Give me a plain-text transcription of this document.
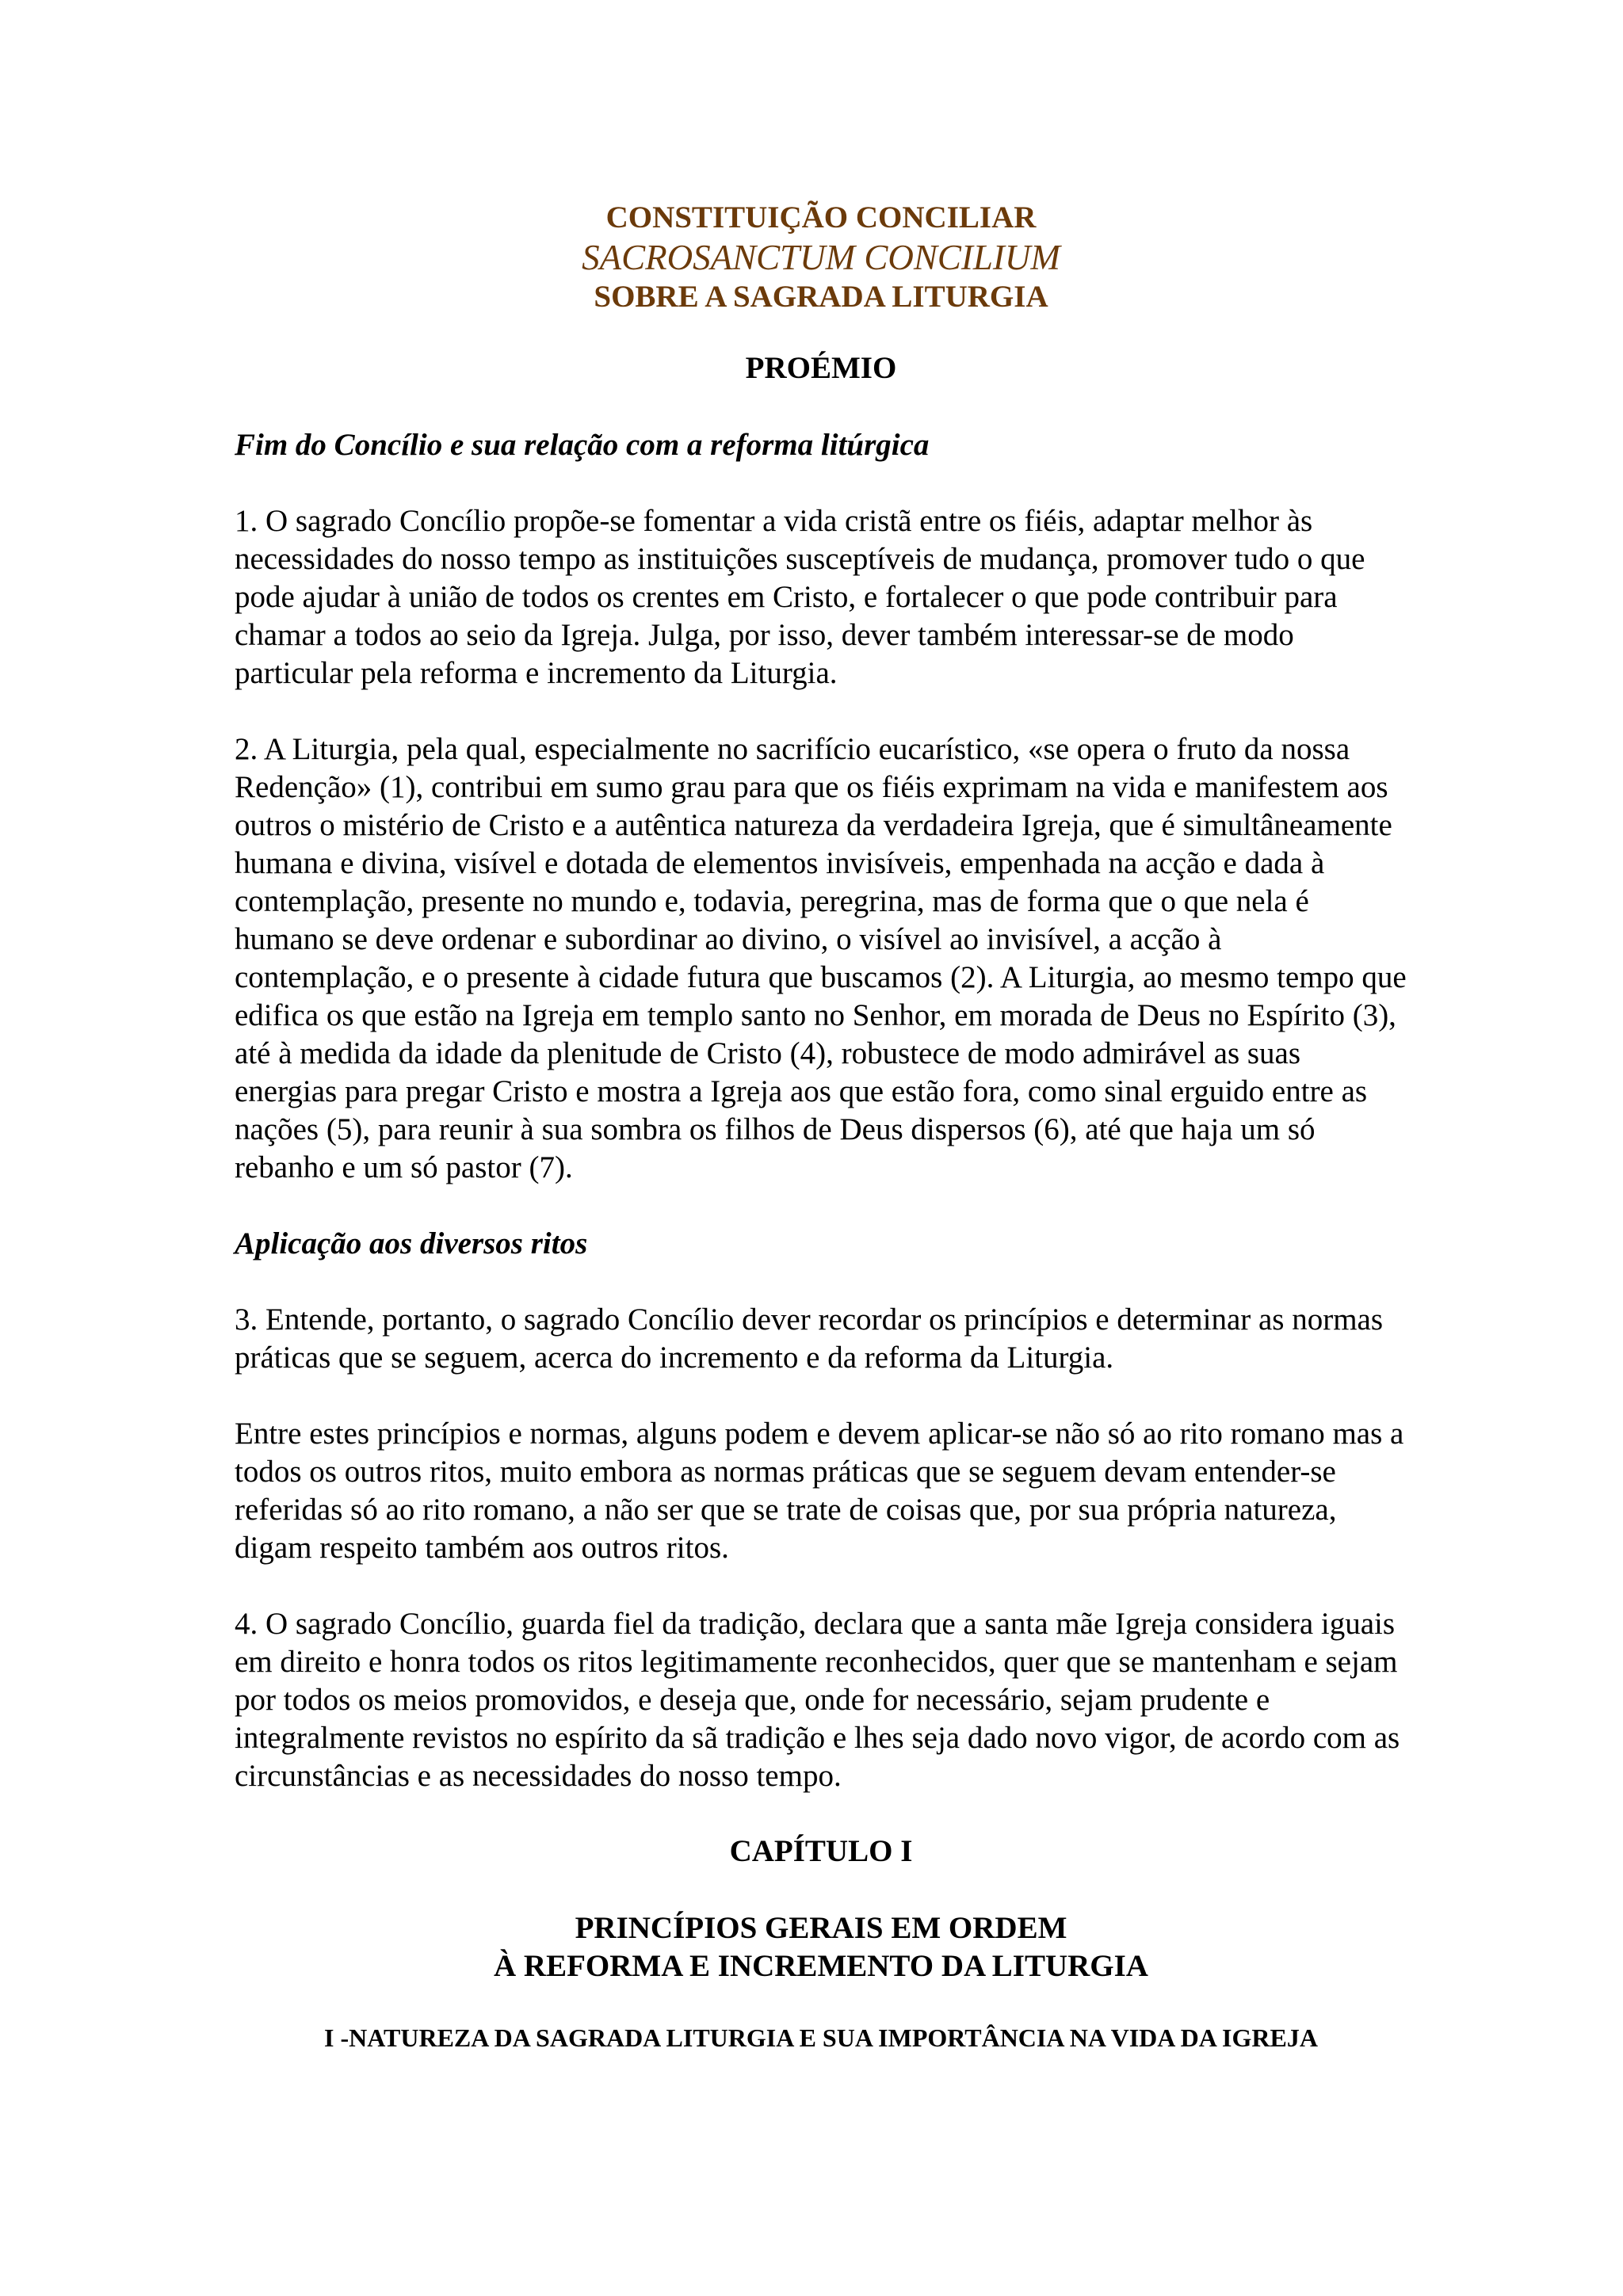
CONSTITUIÇÃO CONCILIAR
SACROSANCTUM CONCILIUM
SOBRE A SAGRADA LITURGIA
PROÉMIO
Fim do Concílio e sua relação com a reforma litúrgica

1. O sagrado Concílio propõe-se fomentar a vida cristã entre os fiéis, adaptar melhor às necessidades do nosso tempo as instituições susceptíveis de mudança, promover tudo o que pode ajudar à união de todos os crentes em Cristo, e fortalecer o que pode contribuir para chamar a todos ao seio da Igreja. Julga, por isso, dever também interessar-se de modo particular pela reforma e incremento da Liturgia.

2. A Liturgia, pela qual, especialmente no sacrifício eucarístico, «se opera o fruto da nossa Redenção» (1), contribui em sumo grau para que os fiéis exprimam na vida e manifestem aos outros o mistério de Cristo e a autêntica natureza da verdadeira Igreja, que é simultâneamente humana e divina, visível e dotada de elementos invisíveis, empenhada na acção e dada à contemplação, presente no mundo e, todavia, peregrina, mas de forma que o que nela é humano se deve ordenar e subordinar ao divino, o visível ao invisível, a acção à contemplação, e o presente à cidade futura que buscamos (2). A Liturgia, ao mesmo tempo que edifica os que estão na Igreja em templo santo no Senhor, em morada de Deus no Espírito (3), até à medida da idade da plenitude de Cristo (4), robustece de modo admirável as suas energias para pregar Cristo e mostra a Igreja aos que estão fora, como sinal erguido entre as nações (5), para reunir à sua sombra os filhos de Deus dispersos (6), até que haja um só rebanho e um só pastor (7).

Aplicação aos diversos ritos

3. Entende, portanto, o sagrado Concílio dever recordar os princípios e determinar as normas práticas que se seguem, acerca do incremento e da reforma da Liturgia.

Entre estes princípios e normas, alguns podem e devem aplicar-se não só ao rito romano mas a todos os outros ritos, muito embora as normas práticas que se seguem devam entender-se referidas só ao rito romano, a não ser que se trate de coisas que, por sua própria natureza, digam respeito também aos outros ritos.

4. O sagrado Concílio, guarda fiel da tradição, declara que a santa mãe Igreja considera iguais em direito e honra todos os ritos legitimamente reconhecidos, quer que se mantenham e sejam por todos os meios promovidos, e deseja que, onde for necessário, sejam prudente e integralmente revistos no espírito da sã tradição e lhes seja dado novo vigor, de acordo com as circunstâncias e as necessidades do nosso tempo.

CAPÍTULO I
PRINCÍPIOS GERAIS EM ORDEM
À REFORMA E INCREMENTO DA LITURGIA
I -NATUREZA DA SAGRADA LITURGIA E SUA IMPORTÂNCIA NA VIDA DA IGREJA
